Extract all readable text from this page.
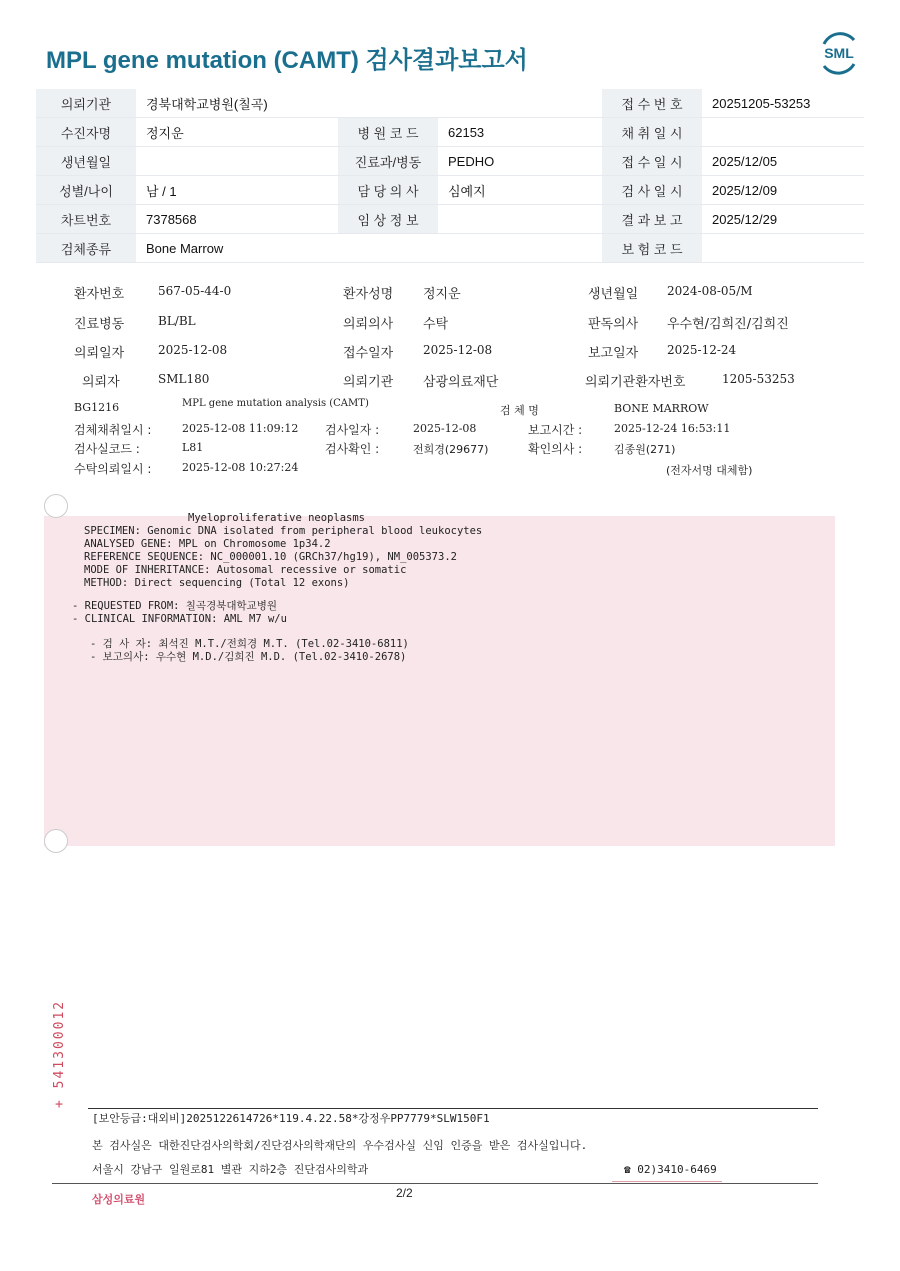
MPL gene mutation (CAMT) 검사결과보고서	SML
의뢰기관	경북대학교병원(칠곡)			접 수 번 호	20251205-53253
수진자명	정지운	병 원 코 드	62153	채 취 일 시	
생년월일		진료과/병동	PEDHO	접 수 일 시	2025/12/05
성별/나이	남 / 1	담 당 의 사	심예지	검 사 일 시	2025/12/09
차트번호	7378568	임 상 정 보		결 과 보 고	2025/12/29
검체종류	Bone Marrow			보 험 코 드	
환자번호	567-05-44-0	환자성명 정지운	생년월일 2024-08-05/M
진료병동	BL/BL	의뢰의사 수탁	판독의사 우수현/김희진/김희진
의뢰일자	2025-12-08	접수일자 2025-12-08	보고일자 2025-12-24
의뢰자	SML180	의뢰기관 삼광의료재단	의뢰기관환자번호	1205-53253
BG1216	MPL gene mutation analysis (CAMT)
검 체 명	BONE MARROW
검체채취일시 :	2025-12-08 11:09:12 검사일자 :	2025-12-08	보고시간 :	2025-12-24 16:53:11
검사실코드 :	L81	검사확인 :	전희경(29677)	확인의사 :	김종원(271)
수탁의뢰일시 :	2025-12-08 10:27:24	(전자서명 대체함)
Myeloproliferative neoplasms
SPECIMEN: Genomic DNA isolated from peripheral blood leukocytes
ANALYSED GENE: MPL on Chromosome 1p34.2
REFERENCE SEQUENCE: NC_000001.10 (GRCh37/hg19), NM_005373.2
MODE OF INHERITANCE: Autosomal recessive or somatic
METHOD: Direct sequencing (Total 12 exons)
- REQUESTED FROM: 칠곡경북대학교병원
- CLINICAL INFORMATION: AML M7 w/u
- 검 사 자: 최석진 M.T./전희경 M.T. (Tel.02-3410-6811)
- 보고의사: 우수현 M.D./김희진 M.D. (Tel.02-3410-2678)
+ 541300012
[보안등급:대외비]2025122614726*119.4.22.58*강정우PP7779*SLW150F1
본 검사실은 대한진단검사의학회/진단검사의학재단의 우수검사실 신임 인증을 받은 검사실입니다.
서울시 강남구 일원로81 별관 지하2층 진단검사의학과	☎ 02)3410-6469
삼성의료원	2/2
